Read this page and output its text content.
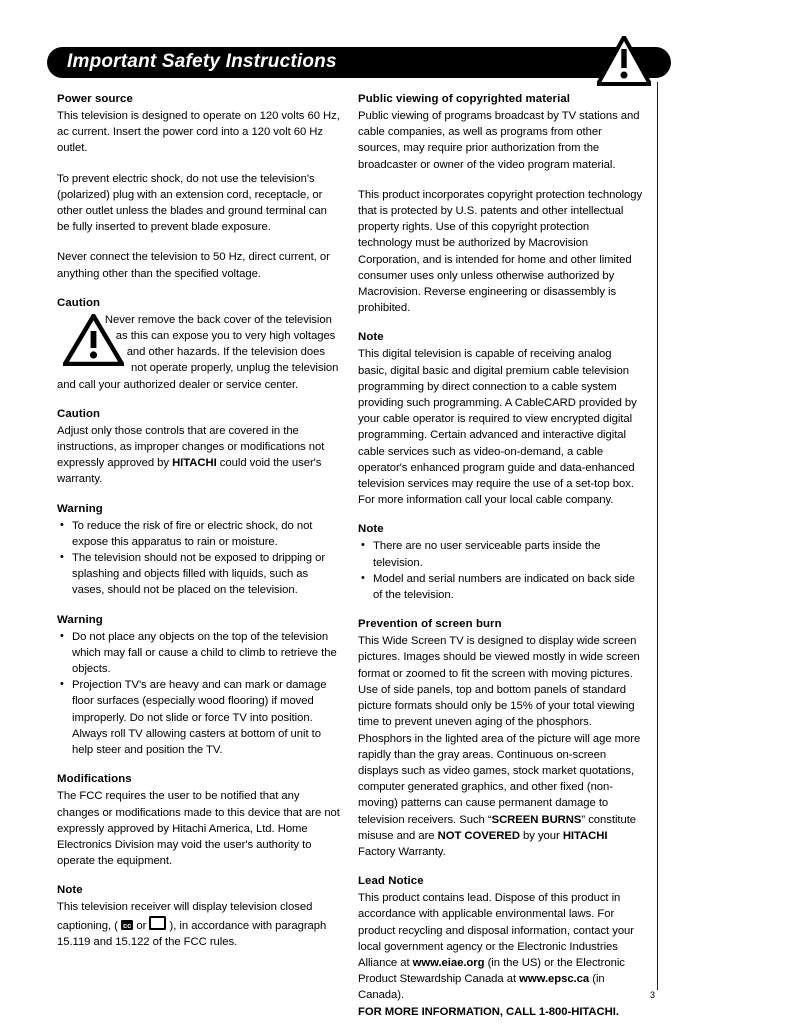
Important Safety Instructions
3
Power source

This television is designed to operate on 120 volts 60 Hz, ac current. Insert the power cord into a 120 volt 60 Hz outlet.

To prevent electric shock, do not use the television's (polarized) plug with an extension cord, receptacle, or other outlet unless the blades and ground terminal can be fully inserted to prevent blade exposure.

Never connect the television to 50 Hz, direct current, or anything other than the specified voltage.

Caution
Never remove the back cover of the television as this can expose you to very high voltages and other hazards. If the television does not operate properly, unplug the television and call your authorized dealer or service center.
Caution

Adjust only those controls that are covered in the instructions, as improper changes or modifications not expressly approved by HITACHI could void the user's warranty.

Warning
• To reduce the risk of fire or electric shock, do not expose this apparatus to rain or moisture.
• The television should not be exposed to dripping or splashing and objects filled with liquids, such as vases, should not be placed on the television.
Warning
• Do not place any objects on the top of the television which may fall or cause a child to climb to retrieve the objects.
• Projection TV's are heavy and can mark or damage floor surfaces (especially wood flooring) if moved improperly. Do not slide or force TV into position. Always roll TV allowing casters at bottom of unit to help steer and position the TV.
Modifications

The FCC requires the user to be notified that any changes or modifications made to this device that are not expressly approved by Hitachi America, Ltd. Home Electronics Division may void the user's authority to operate the equipment.

Note

This television receiver will display television closed captioning, ( cc or  ), in accordance with paragraph 15.119 and 15.122 of the FCC rules.

Public viewing of copyrighted material

Public viewing of programs broadcast by TV stations and cable companies, as well as programs from other sources, may require prior authorization from the broadcaster or owner of the video program material.

This product incorporates copyright protection technology that is protected by U.S. patents and other intellectual property rights. Use of this copyright protection technology must be authorized by Macrovision Corporation, and is intended for home and other limited consumer uses only unless otherwise authorized by Macrovision. Reverse engineering or disassembly is prohibited.

Note

This digital television is capable of receiving analog basic, digital basic and digital premium cable television programming by direct connection to a cable system providing such programming. A CableCARD provided by your cable operator is required to view encrypted digital programming. Certain advanced and interactive digital cable services such as video-on-demand, a cable operator's enhanced program guide and data-enhanced television services may require the use of a set-top box. For more information call your local cable company.

Note
• There are no user serviceable parts inside the television.
• Model and serial numbers are indicated on back side of the television.
Prevention of screen burn

This Wide Screen TV is designed to display wide screen pictures. Images should be viewed mostly in wide screen format or zoomed to fit the screen with moving pictures. Use of side panels, top and bottom panels of standard picture formats should only be 15% of your total viewing time to prevent uneven aging of the phosphors. Phosphors in the lighted area of the picture will age more rapidly than the gray areas. Continuous on-screen displays such as video games, stock market quotations, computer generated graphics, and other fixed (non-moving) patterns can cause permanent damage to television receivers. Such “SCREEN BURNS” constitute misuse and are NOT COVERED by your HITACHI Factory Warranty.

Lead Notice

This product contains lead. Dispose of this product in accordance with applicable environmental laws. For product recycling and disposal information, contact your local government agency or the Electronic Industries Alliance at www.eiae.org (in the US) or the Electronic Product Stewardship Canada at www.epsc.ca (in Canada).

FOR MORE INFORMATION, CALL 1-800-HITACHI.
